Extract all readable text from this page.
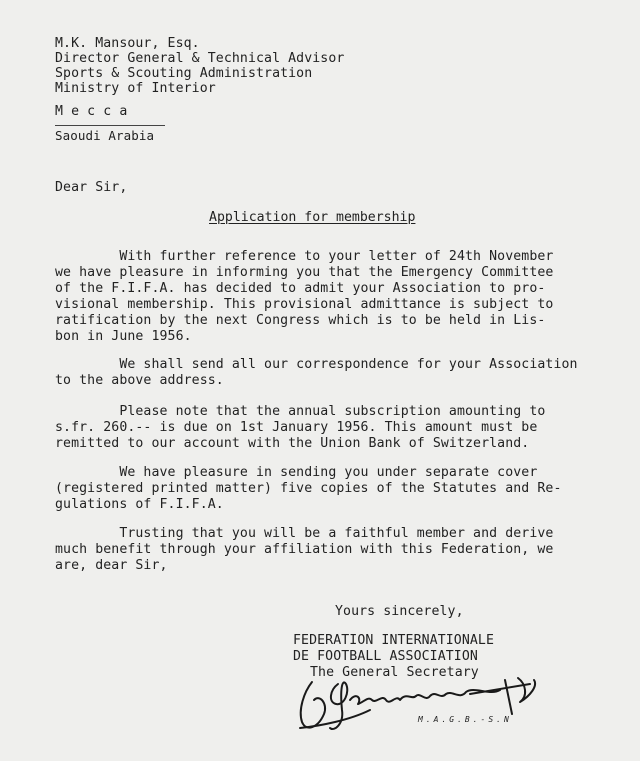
M.K. Mansour, Esq.
Director General & Technical Advisor
Sports & Scouting Administration
Ministry of Interior
M e c c a
Saoudi Arabia
Dear Sir,
Application for membership
With further reference to your letter of 24th November
we have pleasure in informing you that the Emergency Committee
of the F.I.F.A. has decided to admit your Association to pro-
visional membership. This provisional admittance is subject to
ratification by the next Congress which is to be held in Lis-
bon in June 1956.
We shall send all our correspondence for your Association
to the above address.
Please note that the annual subscription amounting to
s.fr. 260.-- is due on 1st January 1956. This amount must be
remitted to our account with the Union Bank of Switzerland.
We have pleasure in sending you under separate cover
(registered printed matter) five copies of the Statutes and Re-
gulations of F.I.F.A.
Trusting that you will be a faithful member and derive
much benefit through your affiliation with this Federation, we
are, dear Sir,
Yours sincerely,
FEDERATION INTERNATIONALE
DE FOOTBALL ASSOCIATION
The General Secretary
M.A.G.B.-S.N
